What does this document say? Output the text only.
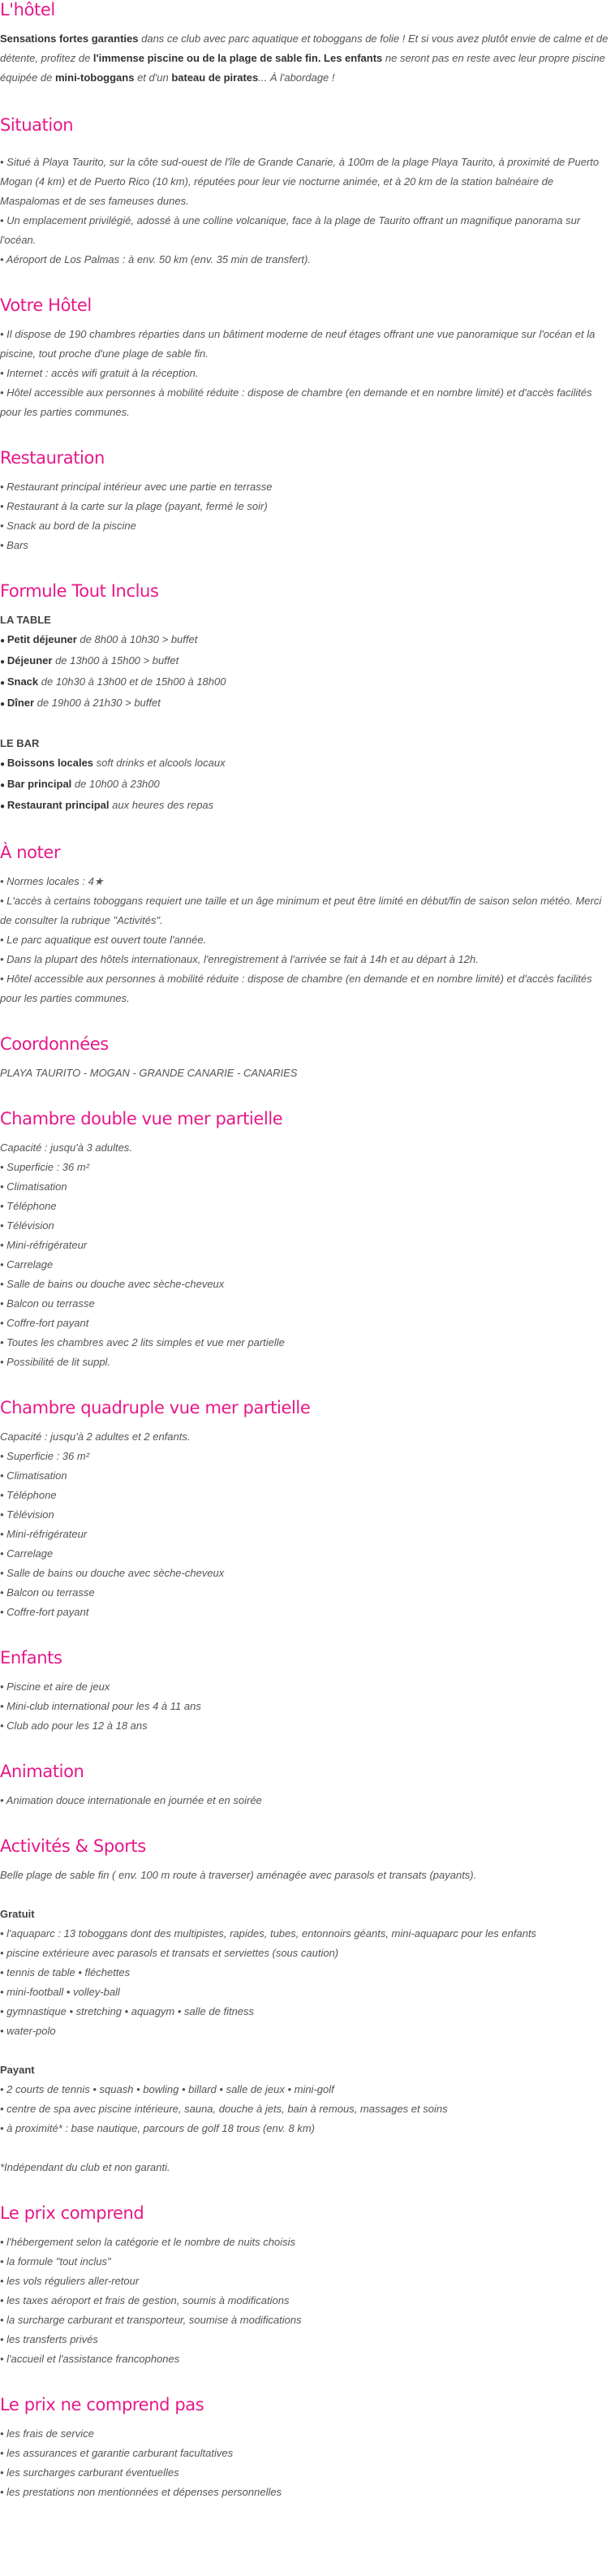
L'hôtel

Sensations fortes garanties dans ce club avec parc aquatique et toboggans de folie ! Et si vous avez plutôt envie de calme et de détente, profitez de l'immense piscine ou de la plage de sable fin. Les enfants ne seront pas en reste avec leur propre piscine équipée de mini-toboggans et d'un bateau de pirates... À l'abordage !

Situation
• Situé à Playa Taurito, sur la côte sud-ouest de l'île de Grande Canarie, à 100m de la plage Playa Taurito, à proximité de Puerto Mogan (4 km) et de Puerto Rico (10 km), réputées pour leur vie nocturne animée, et à 20 km de la station balnéaire de Maspalomas et de ses fameuses dunes.
• Un emplacement privilégié, adossé à une colline volcanique, face à la plage de Taurito offrant un magnifique panorama sur l'océan.
• Aéroport de Los Palmas : à env. 50 km (env. 35 min de transfert).
Votre Hôtel
• Il dispose de 190 chambres réparties dans un bâtiment moderne de neuf étages offrant une vue panoramique sur l'océan et la piscine, tout proche d'une plage de sable fin.
• Internet : accès wifi gratuit à la réception.
• Hôtel accessible aux personnes à mobilité réduite : dispose de chambre (en demande et en nombre limité) et d'accès facilités pour les parties communes.
Restauration
• Restaurant principal intérieur avec une partie en terrasse
• Restaurant à la carte sur la plage (payant, fermé le soir)
• Snack au bord de la piscine
• Bars
Formule Tout Inclus
LA TABLE
● Petit déjeuner de 8h00 à 10h30 > buffet
● Déjeuner de 13h00 à 15h00 > buffet
● Snack de 10h30 à 13h00 et de 15h00 à 18h00
● Dîner de 19h00 à 21h30 > buffet
LE BAR
● Boissons locales soft drinks et alcools locaux
● Bar principal de 10h00 à 23h00
● Restaurant principal aux heures des repas
À noter
• Normes locales : 4★
• L'accès à certains toboggans requiert une taille et un âge minimum et peut être limité en début/fin de saison selon météo. Merci de consulter la rubrique "Activités".
• Le parc aquatique est ouvert toute l'année.
• Dans la plupart des hôtels internationaux, l'enregistrement à l'arrivée se fait à 14h et au départ à 12h.
• Hôtel accessible aux personnes à mobilité réduite : dispose de chambre (en demande et en nombre limité) et d'accès facilités pour les parties communes.
Coordonnées
PLAYA TAURITO - MOGAN - GRANDE CANARIE - CANARIES
Chambre double vue mer partielle
Capacité : jusqu'à 3 adultes.
• Superficie : 36 m²
• Climatisation
• Téléphone
• Télévision
• Mini-réfrigérateur
• Carrelage
• Salle de bains ou douche avec sèche-cheveux
• Balcon ou terrasse
• Coffre-fort payant
• Toutes les chambres avec 2 lits simples et vue mer partielle
• Possibilité de lit suppl.
Chambre quadruple vue mer partielle
Capacité : jusqu'à 2 adultes et 2 enfants.
• Superficie : 36 m²
• Climatisation
• Téléphone
• Télévision
• Mini-réfrigérateur
• Carrelage
• Salle de bains ou douche avec sèche-cheveux
• Balcon ou terrasse
• Coffre-fort payant
Enfants
• Piscine et aire de jeux
• Mini-club international pour les 4 à 11 ans
• Club ado pour les 12 à 18 ans
Animation
• Animation douce internationale en journée et en soirée
Activités & Sports

Belle plage de sable fin ( env. 100 m route à traverser) aménagée avec parasols et transats (payants).

Gratuit
• l'aquaparc : 13 toboggans dont des multipistes, rapides, tubes, entonnoirs géants, mini-aquaparc pour les enfants
• piscine extérieure avec parasols et transats et serviettes (sous caution)
• tennis de table • fléchettes
• mini-football • volley-ball
• gymnastique • stretching • aquagym • salle de fitness
• water-polo
Payant
• 2 courts de tennis • squash • bowling • billard • salle de jeux • mini-golf
• centre de spa avec piscine intérieure, sauna, douche à jets, bain à remous, massages et soins
• à proximité* : base nautique, parcours de golf 18 trous (env. 8 km)

*Indépendant du club et non garanti.

Le prix comprend
• l'hébergement selon la catégorie et le nombre de nuits choisis
• la formule "tout inclus"
• les vols réguliers aller-retour
• les taxes aéroport et frais de gestion, soumis à modifications
• la surcharge carburant et transporteur, soumise à modifications
• les transferts privés
• l'accueil et l'assistance francophones
Le prix ne comprend pas
• les frais de service
• les assurances et garantie carburant facultatives
• les surcharges carburant éventuelles
• les prestations non mentionnées et dépenses personnelles
